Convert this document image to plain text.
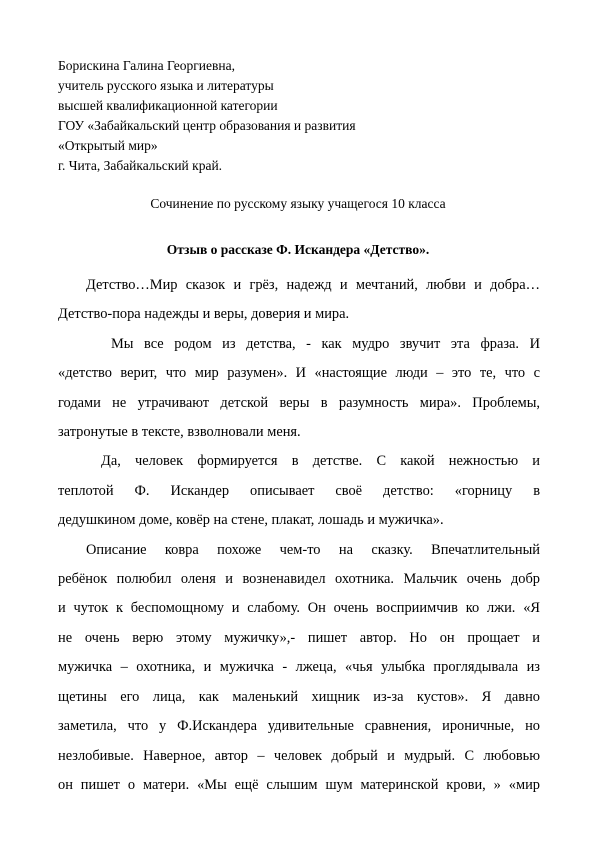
Борискина Галина Георгиевна,
учитель русского языка и литературы
высшей квалификационной категории
ГОУ «Забайкальский центр образования и развития
«Открытый мир»
г. Чита, Забайкальский край.
Сочинение по русскому языку учащегося 10 класса
Отзыв о рассказе Ф. Искандера «Детство».

Детство…Мир сказок и грёз, надежд и мечтаний, любви и добра…
Детство-пора надежды и веры, доверия и мира.

Мы все родом из детства, - как мудро звучит эта фраза. И
«детство верит, что мир разумен». И «настоящие люди – это те, что с
годами не утрачивают детской веры в разумность мира». Проблемы,
затронутые в тексте, взволновали меня.

Да, человек формируется в детстве. С какой нежностью и
теплотой Ф. Искандер описывает своё детство: «горницу в
дедушкином доме, ковёр на стене, плакат, лошадь и мужичка».

Описание ковра похоже чем-то на сказку. Впечатлительный
ребёнок полюбил оленя и возненавидел охотника. Мальчик очень добр
и чуток к беспомощному и слабому. Он очень восприимчив ко лжи. «Я
не очень верю этому мужичку»,- пишет автор. Но он прощает и
мужичка – охотника, и мужичка - лжеца, «чья улыбка проглядывала из
щетины его лица, как маленький хищник из-за кустов». Я давно
заметила, что у Ф.Искандера удивительные сравнения, ироничные, но
незлобивые. Наверное, автор – человек добрый и мудрый. С любовью
он пишет о матери. «Мы ещё слышим шум материнской крови, » «мир
